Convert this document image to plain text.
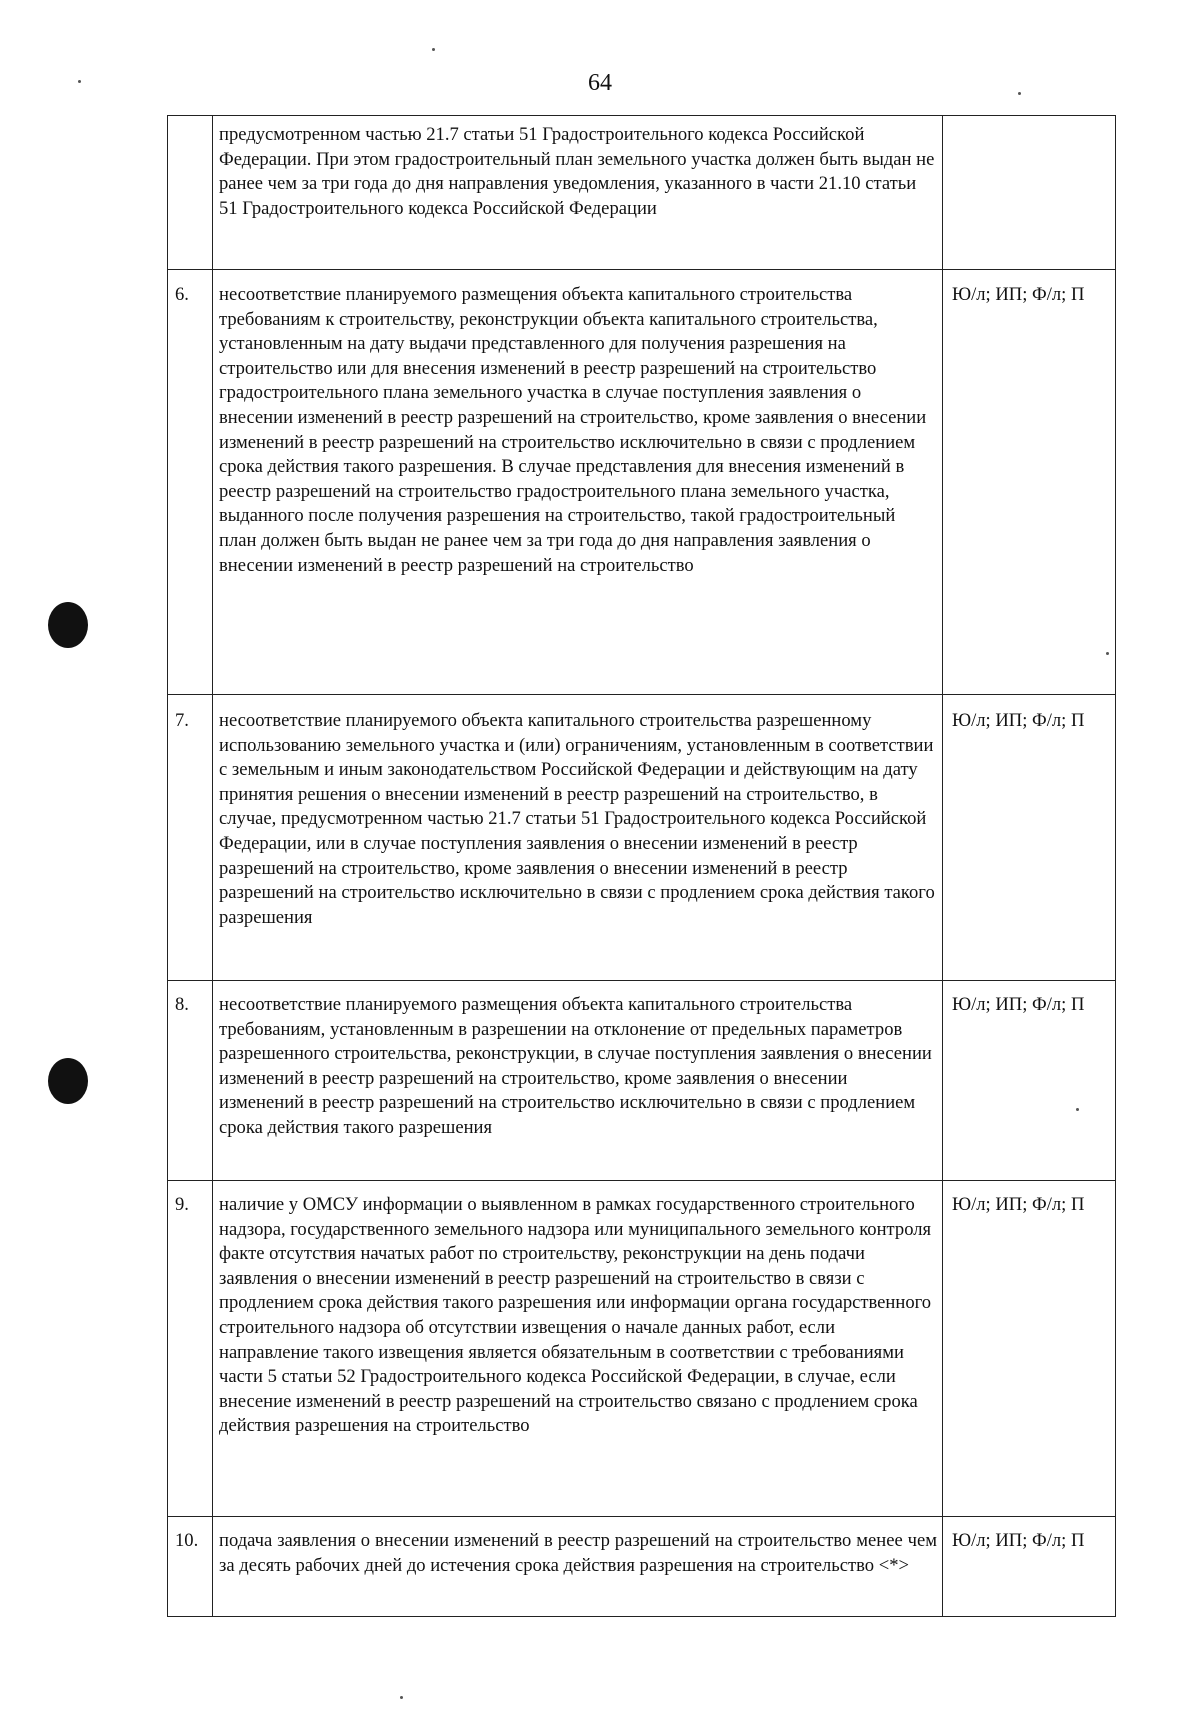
64
	предусмотренном частью 21.7 статьи 51 Градостроительного кодекса Российской Федерации. При этом градостроительный план земельного участка должен быть выдан не ранее чем за три года до дня направления уведомления, указанного в части 21.10 статьи 51 Градостроительного кодекса Российской Федерации	
6.	несоответствие планируемого размещения объекта капитального строительства требованиям к строительству, реконструкции объекта капитального строительства, установленным на дату выдачи представленного для получения разрешения на строительство или для внесения изменений в реестр разрешений на строительство градостроительного плана земельного участка в случае поступления заявления о внесении изменений в реестр разрешений на строительство, кроме заявления о внесении изменений в реестр разрешений на строительство исключительно в связи с продлением срока действия такого разрешения. В случае представления для внесения изменений в реестр разрешений на строительство градостроительного плана земельного участка, выданного после получения разрешения на строительство, такой градостроительный план должен быть выдан не ранее чем за три года до дня направления заявления о внесении изменений в реестр разрешений на строительство	Ю/л; ИП; Ф/л; П
7.	несоответствие планируемого объекта капитального строительства разрешенному использованию земельного участка и (или) ограничениям, установленным в соответствии с земельным и иным законодательством Российской Федерации и действующим на дату принятия решения о внесении изменений в реестр разрешений на строительство, в случае, предусмотренном частью 21.7 статьи 51 Градостроительного кодекса Российской Федерации, или в случае поступления заявления о внесении изменений в реестр разрешений на строительство, кроме заявления о внесении изменений в реестр разрешений на строительство исключительно в связи с продлением срока действия такого разрешения	Ю/л; ИП; Ф/л; П
8.	несоответствие планируемого размещения объекта капитального строительства требованиям, установленным в разрешении на отклонение от предельных параметров разрешенного строительства, реконструкции, в случае поступления заявления о внесении изменений в реестр разрешений на строительство, кроме заявления о внесении изменений в реестр разрешений на строительство исключительно в связи с продлением срока действия такого разрешения	Ю/л; ИП; Ф/л; П
9.	наличие у ОМСУ информации о выявленном в рамках государственного строительного надзора, государственного земельного надзора или муниципального земельного контроля факте отсутствия начатых работ по строительству, реконструкции на день подачи заявления о внесении изменений в реестр разрешений на строительство в связи с продлением срока действия такого разрешения или информации органа государственного строительного надзора об отсутствии извещения о начале данных работ, если направление такого извещения является обязательным в соответствии с требованиями части 5 статьи 52 Градостроительного кодекса Российской Федерации, в случае, если внесение изменений в реестр разрешений на строительство связано с продлением срока действия разрешения на строительство	Ю/л; ИП; Ф/л; П
10.	подача заявления о внесении изменений в реестр разрешений на строительство менее чем за десять рабочих дней до истечения срока действия разрешения на строительство <*>	Ю/л; ИП; Ф/л; П
